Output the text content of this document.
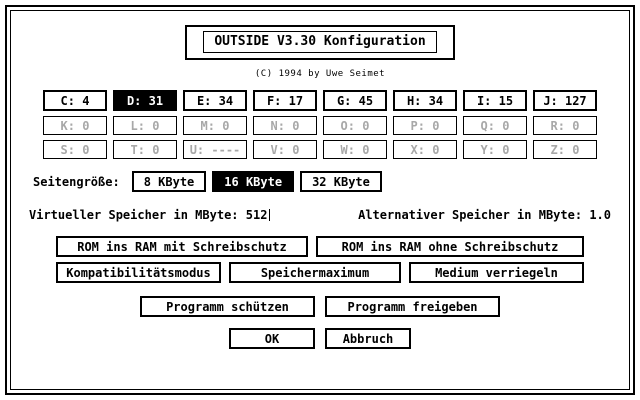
OUTSIDE V3.30 Konfiguration
(C) 1994 by Uwe Seimet
C: 4	D: 31	E: 34	F: 17	G: 45	H: 34	I: 15	J: 127
K: 0	L: 0	M: 0	N: 0	O: 0	P: 0	Q: 0	R: 0
S: 0	T: 0	U: ----	V: 0	W: 0	X: 0	Y: 0	Z: 0
Seitengröße:	8 KByte	16 KByte	32 KByte
Virtueller Speicher in MByte: 512	Alternativer Speicher in MByte: 1.0
ROM ins RAM mit Schreibschutz	ROM ins RAM ohne Schreibschutz
Kompatibilitätsmodus	Speichermaximum	Medium verriegeln
Programm schützen	Programm freigeben
OK	Abbruch
